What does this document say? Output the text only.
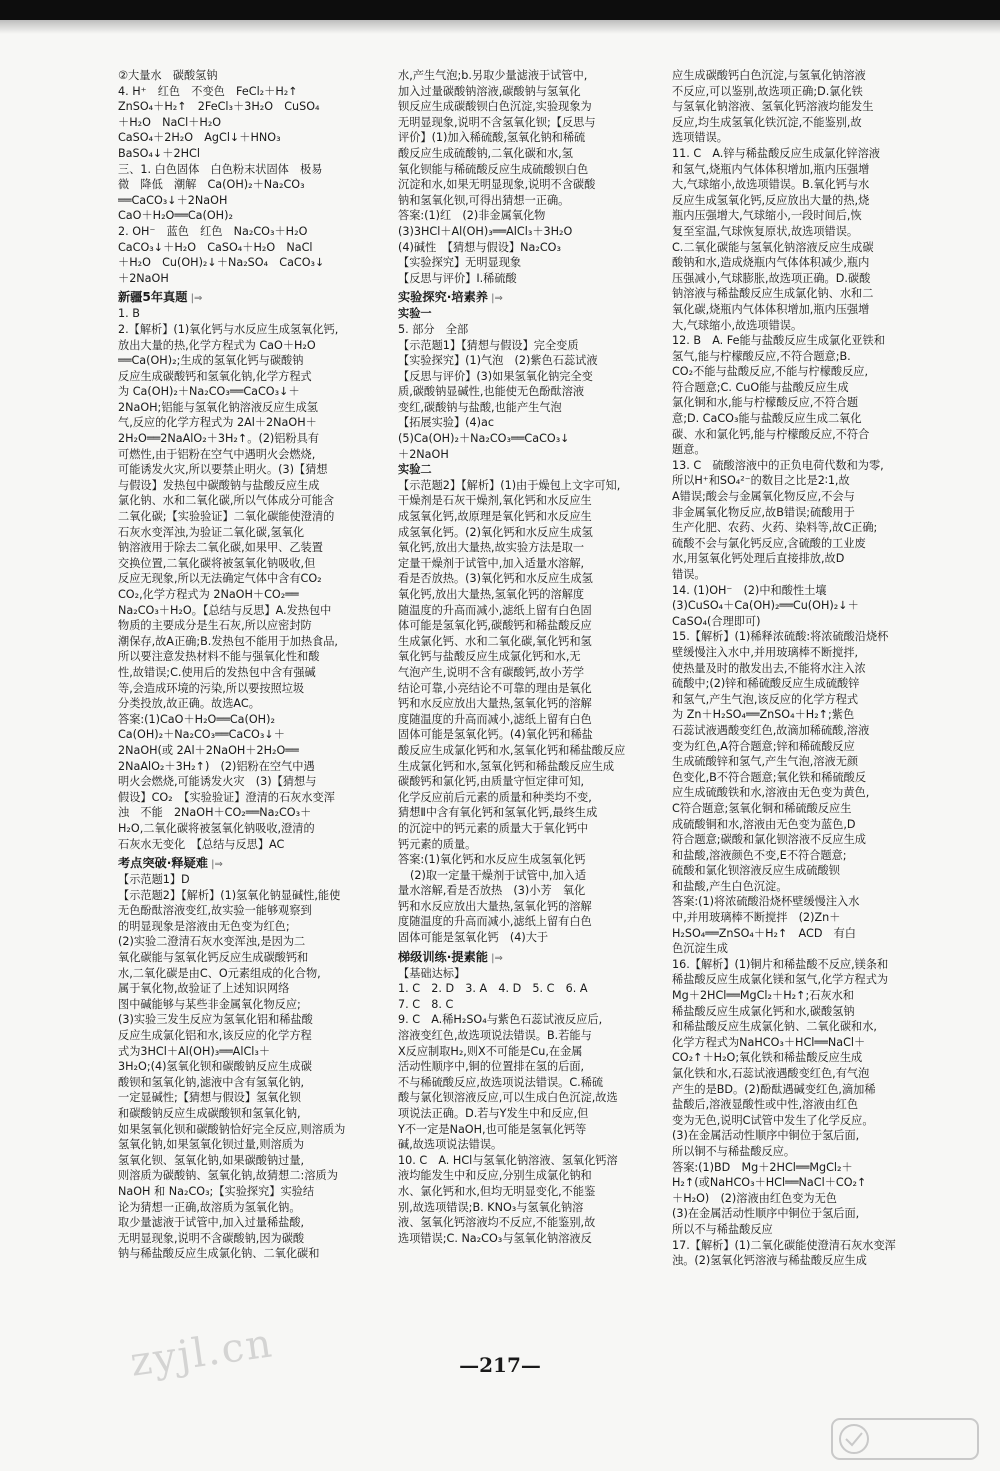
②大量水　碳酸氢钠
4. H⁺　红色　不变色　FeCl₂＋H₂↑
ZnSO₄＋H₂↑　2FeCl₃＋3H₂O　CuSO₄
＋H₂O　NaCl＋H₂O
CaSO₄＋2H₂O　AgCl↓＋HNO₃
BaSO₄↓＋2HCl
三、1. 白色固体　白色粉末状固体　极易
微　降低　潮解　Ca(OH)₂＋Na₂CO₃
══CaCO₃↓＋2NaOH
CaO＋H₂O══Ca(OH)₂
2. OH⁻　蓝色　红色　Na₂CO₃＋H₂O
CaCO₃↓＋H₂O　CaSO₄＋H₂O　NaCl
＋H₂O　Cu(OH)₂↓＋Na₂SO₄　CaCO₃↓
＋2NaOH
新疆5年真题 |⇒
1. B
2.【解析】(1)氧化钙与水反应生成氢氧化钙,
放出大量的热,化学方程式为 CaO＋H₂O
══Ca(OH)₂;生成的氢氧化钙与碳酸钠
反应生成碳酸钙和氢氧化钠,化学方程式
为 Ca(OH)₂＋Na₂CO₃══CaCO₃↓＋
2NaOH;铝能与氢氧化钠溶液反应生成氢
气,反应的化学方程式为 2Al＋2NaOH＋
2H₂O══2NaAlO₂＋3H₂↑。(2)铝粉具有
可燃性,由于铝粉在空气中遇明火会燃烧,
可能诱发火灾,所以要禁止明火。(3)【猜想
与假设】发热包中碳酸钠与盐酸反应生成
氯化钠、水和二氧化碳,所以气体成分可能含
二氧化碳;【实验验证】二氧化碳能使澄清的
石灰水变浑浊,为验证二氧化碳,氢氧化
钠溶液用于除去二氧化碳,如果甲、乙装置
交换位置,二氧化碳将被氢氧化钠吸收,但
反应无现象,所以无法确定气体中含有CO₂
CO₂,化学方程式为 2NaOH＋CO₂══
Na₂CO₃＋H₂O。【总结与反思】A.发热包中
物质的主要成分是生石灰,所以应密封防
潮保存,故A正确;B.发热包不能用于加热食品,
所以要注意发热材料不能与强氧化性和酸
性,故错误;C.使用后的发热包中含有强碱
等,会造成环境的污染,所以要按照垃圾
分类投放,故正确。故选AC。
答案:(1)CaO＋H₂O══Ca(OH)₂
Ca(OH)₂＋Na₂CO₃══CaCO₃↓＋
2NaOH(或 2Al＋2NaOH＋2H₂O══
2NaAlO₂＋3H₂↑)　(2)铝粉在空气中遇
明火会燃烧,可能诱发火灾　(3)【猜想与
假设】CO₂　【实验验证】澄清的石灰水变浑
浊　不能　2NaOH＋CO₂══Na₂CO₃＋
H₂O,二氧化碳将被氢氧化钠吸收,澄清的
石灰水无变化　【总结与反思】AC
考点突破·释疑难 |⇒
【示范题1】D
【示范题2】【解析】(1)氢氧化钠显碱性,能使
无色酚酞溶液变红,故实验一能够观察到
的明显现象是溶液由无色变为红色;
(2)实验二澄清石灰水变浑浊,是因为二
氧化碳能与氢氧化钙反应生成碳酸钙和
水,二氧化碳是由C、O元素组成的化合物,
属于氧化物,故验证了上述知识网络
图中碱能够与某些非金属氧化物反应;
(3)实验三发生反应为氢氧化铝和稀盐酸
反应生成氯化铝和水,该反应的化学方程
式为3HCl＋Al(OH)₃══AlCl₃＋
3H₂O;(4)氢氧化钡和碳酸钠反应生成碳
酸钡和氢氧化钠,滤液中含有氢氧化钠,
一定显碱性;【猜想与假设】氢氧化钡
和碳酸钠反应生成碳酸钡和氢氧化钠,
如果氢氧化钡和碳酸钠恰好完全反应,则溶质为
氢氧化钠,如果氢氧化钡过量,则溶质为
氢氧化钡、氢氧化钠,如果碳酸钠过量,
则溶质为碳酸钠、氢氧化钠,故猜想二:溶质为
NaOH 和 Na₂CO₃;【实验探究】实验结
论为猜想一正确,故溶质为氢氧化钠。
取少量滤液于试管中,加入过量稀盐酸,
无明显现象,说明不含碳酸钠,因为碳酸
钠与稀盐酸反应生成氯化钠、二氧化碳和
水,产生气泡;b.另取少量滤液于试管中,
加入过量碳酸钠溶液,碳酸钠与氢氧化
钡反应生成碳酸钡白色沉淀,实验现象为
无明显现象,说明不含氢氧化钡;【反思与
评价】(1)加入稀硫酸,氢氧化钠和稀硫
酸反应生成硫酸钠,二氧化碳和水,氢
氧化钡能与稀硫酸反应生成硫酸钡白色
沉淀和水,如果无明显现象,说明不含碳酸
钠和氢氧化钡,可得出猜想一正确。
答案:(1)红　(2)非金属氧化物
(3)3HCl＋Al(OH)₃══AlCl₃＋3H₂O
(4)碱性　【猜想与假设】Na₂CO₃
【实验探究】无明显现象
【反思与评价】Ⅰ.稀硫酸
实验探究·培素养 |⇒
实验一
5. 部分　全部
【示范题1】【猜想与假设】完全变质
【实验探究】(1)气泡　(2)紫色石蕊试液
【反思与评价】(3)如果氢氧化钠完全变
质,碳酸钠显碱性,也能使无色酚酞溶液
变红,碳酸钠与盐酸,也能产生气泡
【拓展实验】(4)ac
(5)Ca(OH)₂＋Na₂CO₃══CaCO₃↓
＋2NaOH
实验二
【示范题2】【解析】(1)由于燥包上文字可知,
干燥剂是石灰干燥剂,氧化钙和水反应生
成氢氧化钙,故原理是氧化钙和水反应生
成氢氧化钙。(2)氧化钙和水反应生成氢
氧化钙,放出大量热,故实验方法是取一
定量干燥剂于试管中,加入适量水溶解,
看是否放热。(3)氧化钙和水反应生成氢
氧化钙,放出大量热,氢氧化钙的溶解度
随温度的升高而减小,滤纸上留有白色固
体可能是氢氧化钙,碳酸钙和稀盐酸反应
生成氯化钙、水和二氧化碳,氧化钙和氢
氧化钙与盐酸反应生成氯化钙和水,无
气泡产生,说明不含有碳酸钙,故小芳学
结论可靠,小亮结论不可靠的理由是氧化
钙和水反应放出大量热,氢氧化钙的溶解
度随温度的升高而减小,滤纸上留有白色
固体可能是氢氧化钙。(4)氧化钙和稀盐
酸反应生成氯化钙和水,氢氧化钙和稀盐酸反应
生成氯化钙和水,氢氧化钙和稀盐酸反应生成
碳酸钙和氯化钙,由质量守恒定律可知,
化学反应前后元素的质量和种类均不变,
猜想Ⅱ中含有氧化钙和氢氧化钙,最终生成
的沉淀中的钙元素的质量大于氧化钙中
钙元素的质量。
答案:(1)氧化钙和水反应生成氢氧化钙
(2)取一定量干燥剂于试管中,加入适
量水溶解,看是否放热　(3)小芳　氧化
钙和水反应放出大量热,氢氧化钙的溶解
度随温度的升高而减小,滤纸上留有白色
固体可能是氢氧化钙　(4)大于
梯级训练·提素能 |⇒
【基础达标】
1. C　2. D　3. A　4. D　5. C　6. A
7. C　8. C
9. C　A.稀H₂SO₄与紫色石蕊试液反应后,
溶液变红色,故选项说法错误。B.若能与
X反应制取H₂,则X不可能是Cu,在金属
活动性顺序中,铜的位置排在氢的后面,
不与稀硫酸反应,故选项说法错误。C.稀硫
酸与氯化钡溶液反应,可以生成白色沉淀,故选
项说法正确。D.若与Y发生中和反应,但
Y不一定是NaOH,也可能是氢氧化钙等
碱,故选项说法错误。
10. C　A. HCl与氢氧化钠溶液、氢氧化钙溶
液均能发生中和反应,分别生成氯化钠和
水、氯化钙和水,但均无明显变化,不能鉴
别,故选项错误;B. KNO₃与氢氧化钠溶
液、氢氧化钙溶液均不反应,不能鉴别,故
选项错误;C. Na₂CO₃与氢氧化钠溶液反
应生成碳酸钙白色沉淀,与氢氧化钠溶液
不反应,可以鉴别,故选项正确;D.氯化铁
与氢氧化钠溶液、氢氧化钙溶液均能发生
反应,均生成氢氧化铁沉淀,不能鉴别,故
选项错误。
11. C　A.锌与稀盐酸反应生成氯化锌溶液
和氢气,烧瓶内气体体积增加,瓶内压强增
大,气球缩小,故选项错误。B.氧化钙与水
反应生成氢氧化钙,反应放出大量的热,烧
瓶内压强增大,气球缩小,一段时间后,恢
复至室温,气球恢复原状,故选项错误。
C.二氧化碳能与氢氧化钠溶液反应生成碳
酸钠和水,造成烧瓶内气体体积减少,瓶内
压强减小,气球膨胀,故选项正确。D.碳酸
钠溶液与稀盐酸反应生成氯化钠、水和二
氧化碳,烧瓶内气体体积增加,瓶内压强增
大,气球缩小,故选项错误。
12. B　A. Fe能与盐酸反应生成氯化亚铁和
氢气,能与柠檬酸反应,不符合题意;B.
CO₂不能与盐酸反应,不能与柠檬酸反应,
符合题意;C. CuO能与盐酸反应生成
氯化铜和水,能与柠檬酸反应,不符合题
意;D. CaCO₃能与盐酸反应生成二氧化
碳、水和氯化钙,能与柠檬酸反应,不符合
题意。
13. C　硫酸溶液中的正负电荷代数和为零,
所以H⁺和SO₄²⁻的数目之比是2∶1,故
A错误;酸会与金属氧化物反应,不会与
非金属氧化物反应,故B错误;硫酸用于
生产化肥、农药、火药、染料等,故C正确;
硫酸不会与氯化钙反应,含硫酸的工业废
水,用氢氧化钙处理后直接排放,故D
错误。
14. (1)OH⁻　(2)中和酸性土壤
(3)CuSO₄＋Ca(OH)₂══Cu(OH)₂↓＋
CaSO₄(合理即可)
15.【解析】(1)稀释浓硫酸:将浓硫酸沿烧杯
壁缓慢注入水中,并用玻璃棒不断搅拌,
使热量及时的散发出去,不能将水注入浓
硫酸中;(2)锌和稀硫酸反应生成硫酸锌
和氢气,产生气泡,该反应的化学方程式
为 Zn＋H₂SO₄══ZnSO₄＋H₂↑;紫色
石蕊试液遇酸变红色,故滴加稀硫酸,溶液
变为红色,A符合题意;锌和稀硫酸反应
生成硫酸锌和氢气,产生气泡,溶液无颜
色变化,B不符合题意;氧化铁和稀硫酸反
应生成硫酸铁和水,溶液由无色变为黄色,
C符合题意;氢氧化铜和稀硫酸反应生
成硫酸铜和水,溶液由无色变为蓝色,D
符合题意;碳酸和氯化钡溶液不反应生成
和盐酸,溶液颜色不变,E不符合题意;
硫酸和氯化钡溶液反应生成硫酸钡
和盐酸,产生白色沉淀。
答案:(1)将浓硫酸沿烧杯壁缓慢注入水
中,并用玻璃棒不断搅拌　(2)Zn＋
H₂SO₄══ZnSO₄＋H₂↑　ACD　有白
色沉淀生成
16.【解析】(1)铜片和稀盐酸不反应,镁条和
稀盐酸反应生成氯化镁和氢气,化学方程式为
Mg＋2HCl══MgCl₂＋H₂↑;石灰水和
稀盐酸反应生成氯化钙和水,碳酸氢钠
和稀盐酸反应生成氯化钠、二氧化碳和水,
化学方程式为NaHCO₃＋HCl══NaCl＋
CO₂↑＋H₂O;氧化铁和稀盐酸反应生成
氯化铁和水,石蕊试液遇酸变红色,有气泡
产生的是BD。(2)酚酞遇碱变红色,滴加稀
盐酸后,溶液显酸性或中性,溶液由红色
变为无色,说明C试管中发生了化学反应。
(3)在金属活动性顺序中铜位于氢后面,
所以铜不与稀盐酸反应。
答案:(1)BD　Mg＋2HCl══MgCl₂＋
H₂↑(或NaHCO₃＋HCl══NaCl＋CO₂↑
＋H₂O)　(2)溶液由红色变为无色
(3)在金属活动性顺序中铜位于氢后面,
所以不与稀盐酸反应
17.【解析】(1)二氧化碳能使澄清石灰水变浑
浊。(2)氢氧化钙溶液与稀盐酸反应生成
zyjl.cn	—217—
